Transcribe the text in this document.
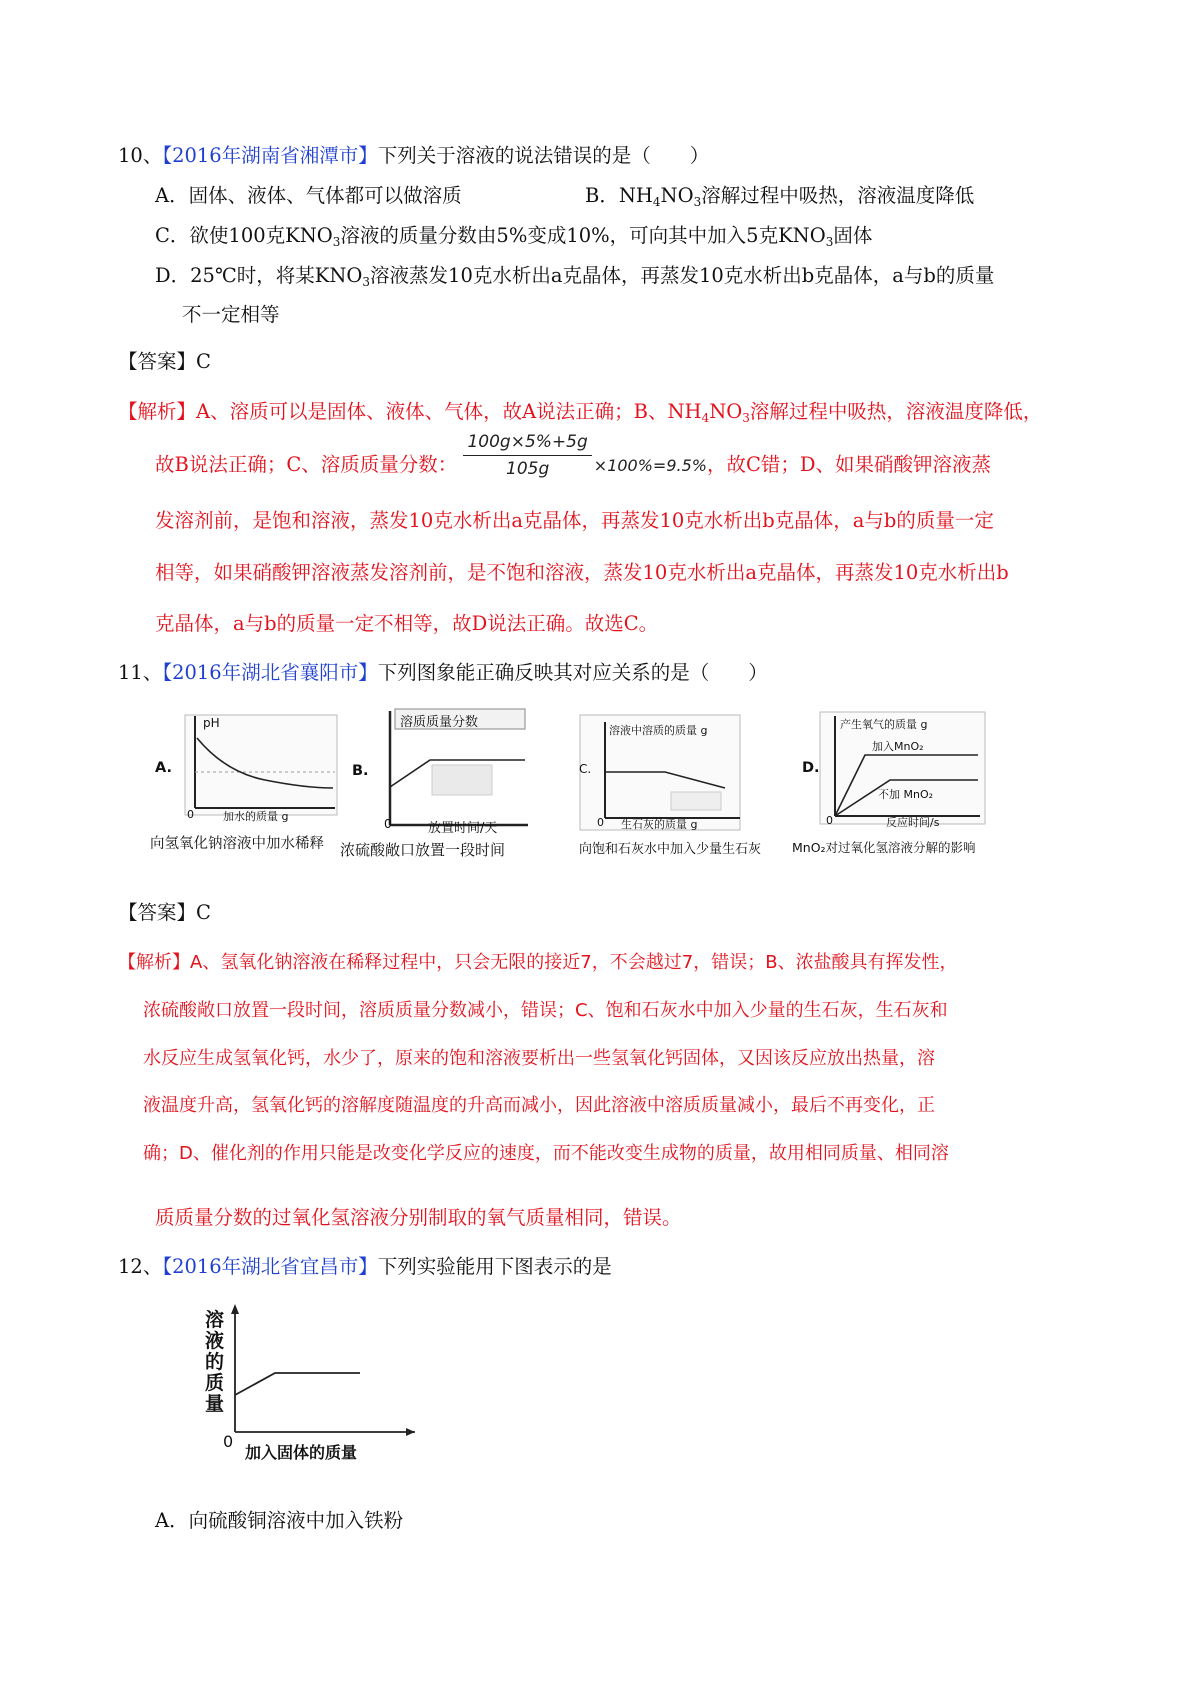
10、【2016年湖南省湘潭市】下列关于溶液的说法错误的是（　　）
A．固体、液体、气体都可以做溶质	B．$NH_4NO_3$溶解过程中吸热，溶液温度降低
C．欲使100克$KNO_3$溶液的质量分数由5%变成10%，可向其中加入5克$KNO_3$固体
D．25℃时，将某$KNO_3$溶液蒸发10克水析出a克晶体，再蒸发10克水析出b克晶体，a与b的质量
不一定相等
【答案】C
【解析】A、溶质可以是固体、液体、气体，故A说法正确；B、$NH_4NO_3$溶解过程中吸热，溶液温度降低，
故B说法正确；C、溶质质量分数： $\frac{100g\times 5\%+5g}{105g} \times 100\%=9.5\%$，故C错；D、如果硝酸钾溶液蒸
发溶剂前，是饱和溶液，蒸发10克水析出a克晶体，再蒸发10克水析出b克晶体，a与b的质量一定
相等，如果硝酸钾溶液蒸发溶剂前，是不饱和溶液，蒸发10克水析出a克晶体，再蒸发10克水析出b
克晶体，a与b的质量一定不相等，故D说法正确。故选C。
11、【2016年湖北省襄阳市】下列图象能正确反映其对应关系的是（　　）
A.
pH
0	加水的质量 g
向氢氧化钠溶液中加水稀释
B.
溶质质量分数
0	放置时间/天
浓硫酸敞口放置一段时间
C.
溶液中溶质的质量 g
0 生石灰的质量 g
向饱和石灰水中加入少量生石灰
D.
产生氧气的质量 g
加入MnO₂
不加 MnO₂
0	反应时间/s
MnO₂对过氧化氢溶液分解的影响
【答案】C
【解析】A、氢氧化钠溶液在稀释过程中，只会无限的接近7，不会越过7，错误；B、浓盐酸具有挥发性，
浓硫酸敞口放置一段时间，溶质质量分数减小，错误；C、饱和石灰水中加入少量的生石灰，生石灰和
水反应生成氢氧化钙，水少了，原来的饱和溶液要析出一些氢氧化钙固体，又因该反应放出热量，溶
液温度升高，氢氧化钙的溶解度随温度的升高而减小，因此溶液中溶质质量减小，最后不再变化，正
确；D、催化剂的作用只能是改变化学反应的速度，而不能改变生成物的质量，故用相同质量、相同溶
质质量分数的过氧化氢溶液分别制取的氧气质量相同，错误。
12、【2016年湖北省宜昌市】下列实验能用下图表示的是
溶液的质量
0
加入固体的质量
A．向硫酸铜溶液中加入铁粉
